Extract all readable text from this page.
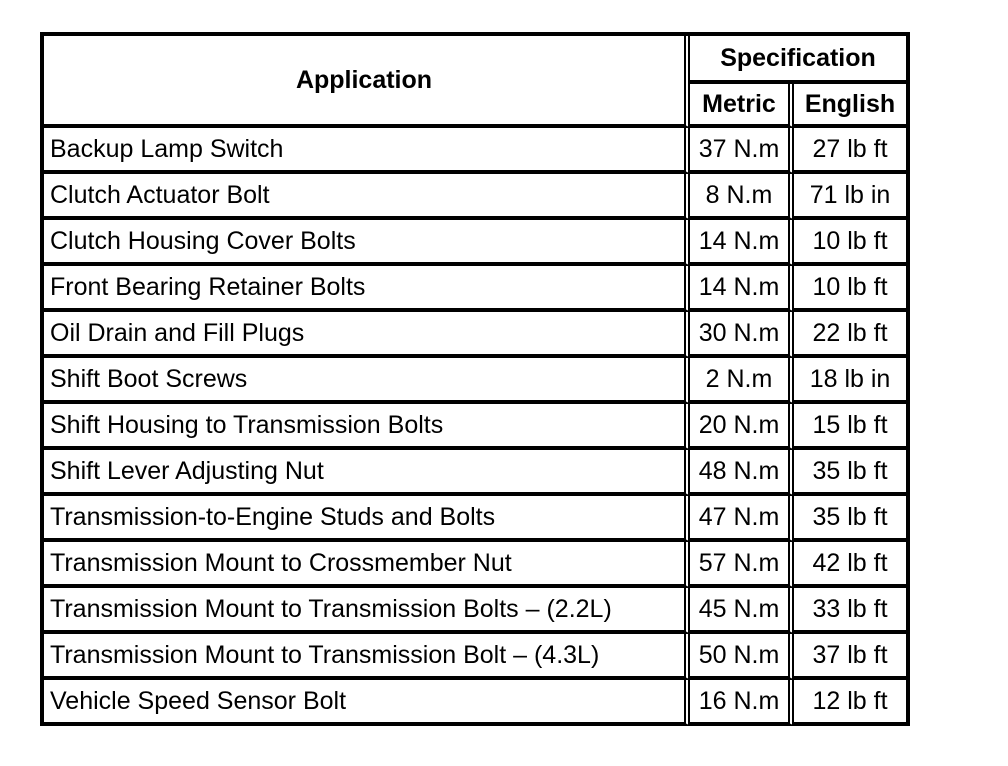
Application	Specification	
	Metric	English
Backup Lamp Switch	37 N.m	27 lb ft
Clutch Actuator Bolt	8 N.m	71 lb in
Clutch Housing Cover Bolts	14 N.m	10 lb ft
Front Bearing Retainer Bolts	14 N.m	10 lb ft
Oil Drain and Fill Plugs	30 N.m	22 lb ft
Shift Boot Screws	2 N.m	18 lb in
Shift Housing to Transmission Bolts	20 N.m	15 lb ft
Shift Lever Adjusting Nut	48 N.m	35 lb ft
Transmission-to-Engine Studs and Bolts	47 N.m	35 lb ft
Transmission Mount to Crossmember Nut	57 N.m	42 lb ft
Transmission Mount to Transmission Bolts – (2.2L)	45 N.m	33 lb ft
Transmission Mount to Transmission Bolt – (4.3L)	50 N.m	37 lb ft
Vehicle Speed Sensor Bolt	16 N.m	12 lb ft
